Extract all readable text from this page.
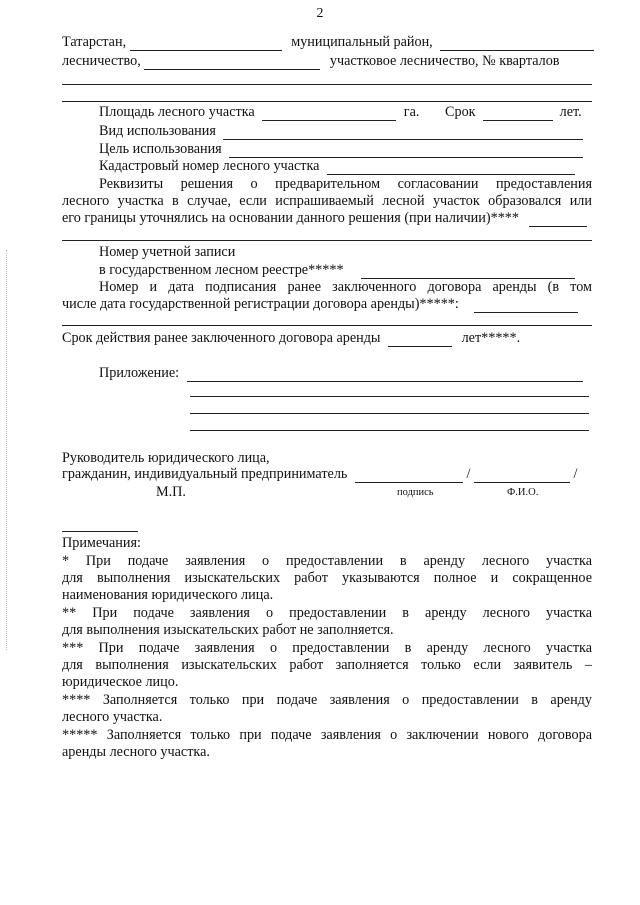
2
Татарстан,	муниципальный район,
лесничество,	участковое лесничество, № кварталов
Площадь лесного участка	га. Срок	лет.
Вид использования
Цель использования
Кадастровый номер лесного участка
Реквизиты решения о предварительном согласовании предоставления
лесного участка в случае, если испрашиваемый лесной участок образовался или
его границы уточнялись на основании данного решения (при наличии)****
Номер учетной записи
в государственном лесном реестре*****
Номер и дата подписания ранее заключенного договора аренды (в том
числе дата государственной регистрации договора аренды)*****:
Срок действия ранее заключенного договора аренды	лет*****.
Приложение:
Руководитель юридического лица,
гражданин, индивидуальный предприниматель	/	/
М.П.	подпись	Ф.И.О.
Примечания:
* При подаче заявления о предоставлении в аренду лесного участка
для выполнения изыскательских работ указываются полное и сокращенное
наименования юридического лица.
** При подаче заявления о предоставлении в аренду лесного участка
для выполнения изыскательских работ не заполняется.
*** При подаче заявления о предоставлении в аренду лесного участка
для выполнения изыскательских работ заполняется только если заявитель –
юридическое лицо.
**** Заполняется только при подаче заявления о предоставлении в аренду
лесного участка.
***** Заполняется только при подаче заявления о заключении нового договора
аренды лесного участка.
